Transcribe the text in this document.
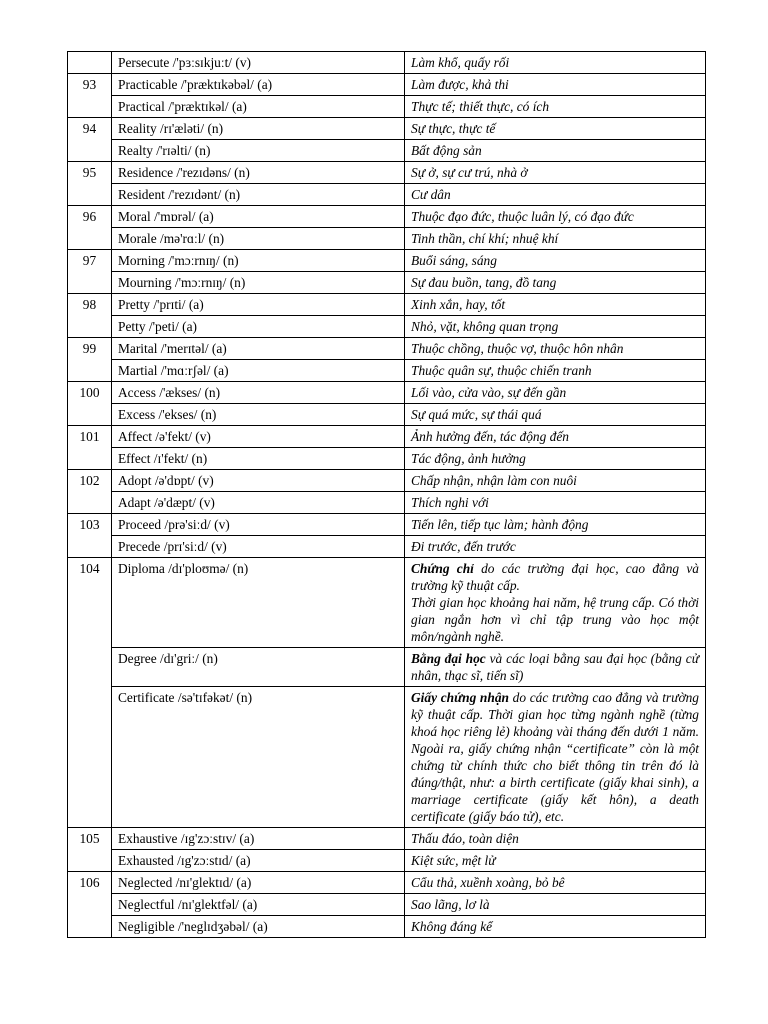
	Persecute /'pɜːsɪkjuːt/ (v)	Làm khổ, quấy rối
93	Practicable /'præktɪkəbəl/ (a)	Làm được, khả thi
	Practical /'præktɪkəl/ (a)	Thực tế; thiết thực, có ích
94	Reality /rɪ'æləti/ (n)	Sự thực, thực tế
	Realty /'rɪəlti/ (n)	Bất động sản
95	Residence /'rezɪdəns/ (n)	Sự ở, sự cư trú, nhà ở
	Resident /'rezɪdənt/ (n)	Cư dân
96	Moral /'mɒrəl/ (a)	Thuộc đạo đức, thuộc luân lý, có đạo đức
	Morale /mə'rɑːl/ (n)	Tinh thần, chí khí; nhuệ khí
97	Morning /'mɔːrnɪŋ/ (n)	Buổi sáng, sáng
	Mourning /'mɔːrnɪŋ/ (n)	Sự đau buồn, tang, đồ tang
98	Pretty /'prɪti/ (a)	Xinh xắn, hay, tốt
	Petty /'peti/ (a)	Nhỏ, vặt, không quan trọng
99	Marital /'merɪtəl/ (a)	Thuộc chồng, thuộc vợ, thuộc hôn nhân
	Martial /'mɑːrʃəl/ (a)	Thuộc quân sự, thuộc chiến tranh
100	Access /'ækses/ (n)	Lối vào, cửa vào, sự đến gần
	Excess /'ekses/ (n)	Sự quá mức, sự thái quá
101	Affect /ə'fekt/ (v)	Ảnh hưởng đến, tác động đến
	Effect /ɪ'fekt/ (n)	Tác động, ảnh hưởng
102	Adopt /ə'dɒpt/ (v)	Chấp nhận, nhận làm con nuôi
	Adapt /ə'dæpt/ (v)	Thích nghi với
103	Proceed /prə'siːd/ (v)	Tiến lên, tiếp tục làm; hành động
	Precede /prɪ'siːd/ (v)	Đi trước, đến trước
104	Diploma /dɪ'ploʊmə/ (n)	Chứng chỉ do các trường đại học, cao đẳng và trường kỹ thuật cấp.
Thời gian học khoảng hai năm, hệ trung cấp. Có thời gian ngắn hơn vì chỉ tập trung vào học một môn/ngành nghề.

	Degree /dɪ'griː/ (n)	Bằng đại học và các loại bằng sau đại học (bằng cử nhân, thạc sĩ, tiến sĩ)
	Certificate /sə'tɪfəkət/ (n)	Giấy chứng nhận do các trường cao đẳng và trường kỹ thuật cấp. Thời gian học từng ngành nghề (từng khoá học riêng lẻ) khoảng vài tháng đến dưới 1 năm. Ngoài ra, giấy chứng nhận “certificate” còn là một chứng từ chính thức cho biết thông tin trên đó là đúng/thật, như: a birth certificate (giấy khai sinh), a marriage certificate (giấy kết hôn), a death certificate (giấy báo tử), etc.
105	Exhaustive /ɪg'zɔːstɪv/ (a)	Thấu đáo, toàn diện
	Exhausted /ɪg'zɔːstɪd/ (a)	Kiệt sức, mệt lử
106	Neglected /nɪ'glektɪd/ (a)	Cẩu thả, xuềnh xoàng, bỏ bê
	Neglectful /nɪ'glektfəl/ (a)	Sao lãng, lơ là
	Negligible /'neglɪdʒəbəl/ (a)	Không đáng kể
